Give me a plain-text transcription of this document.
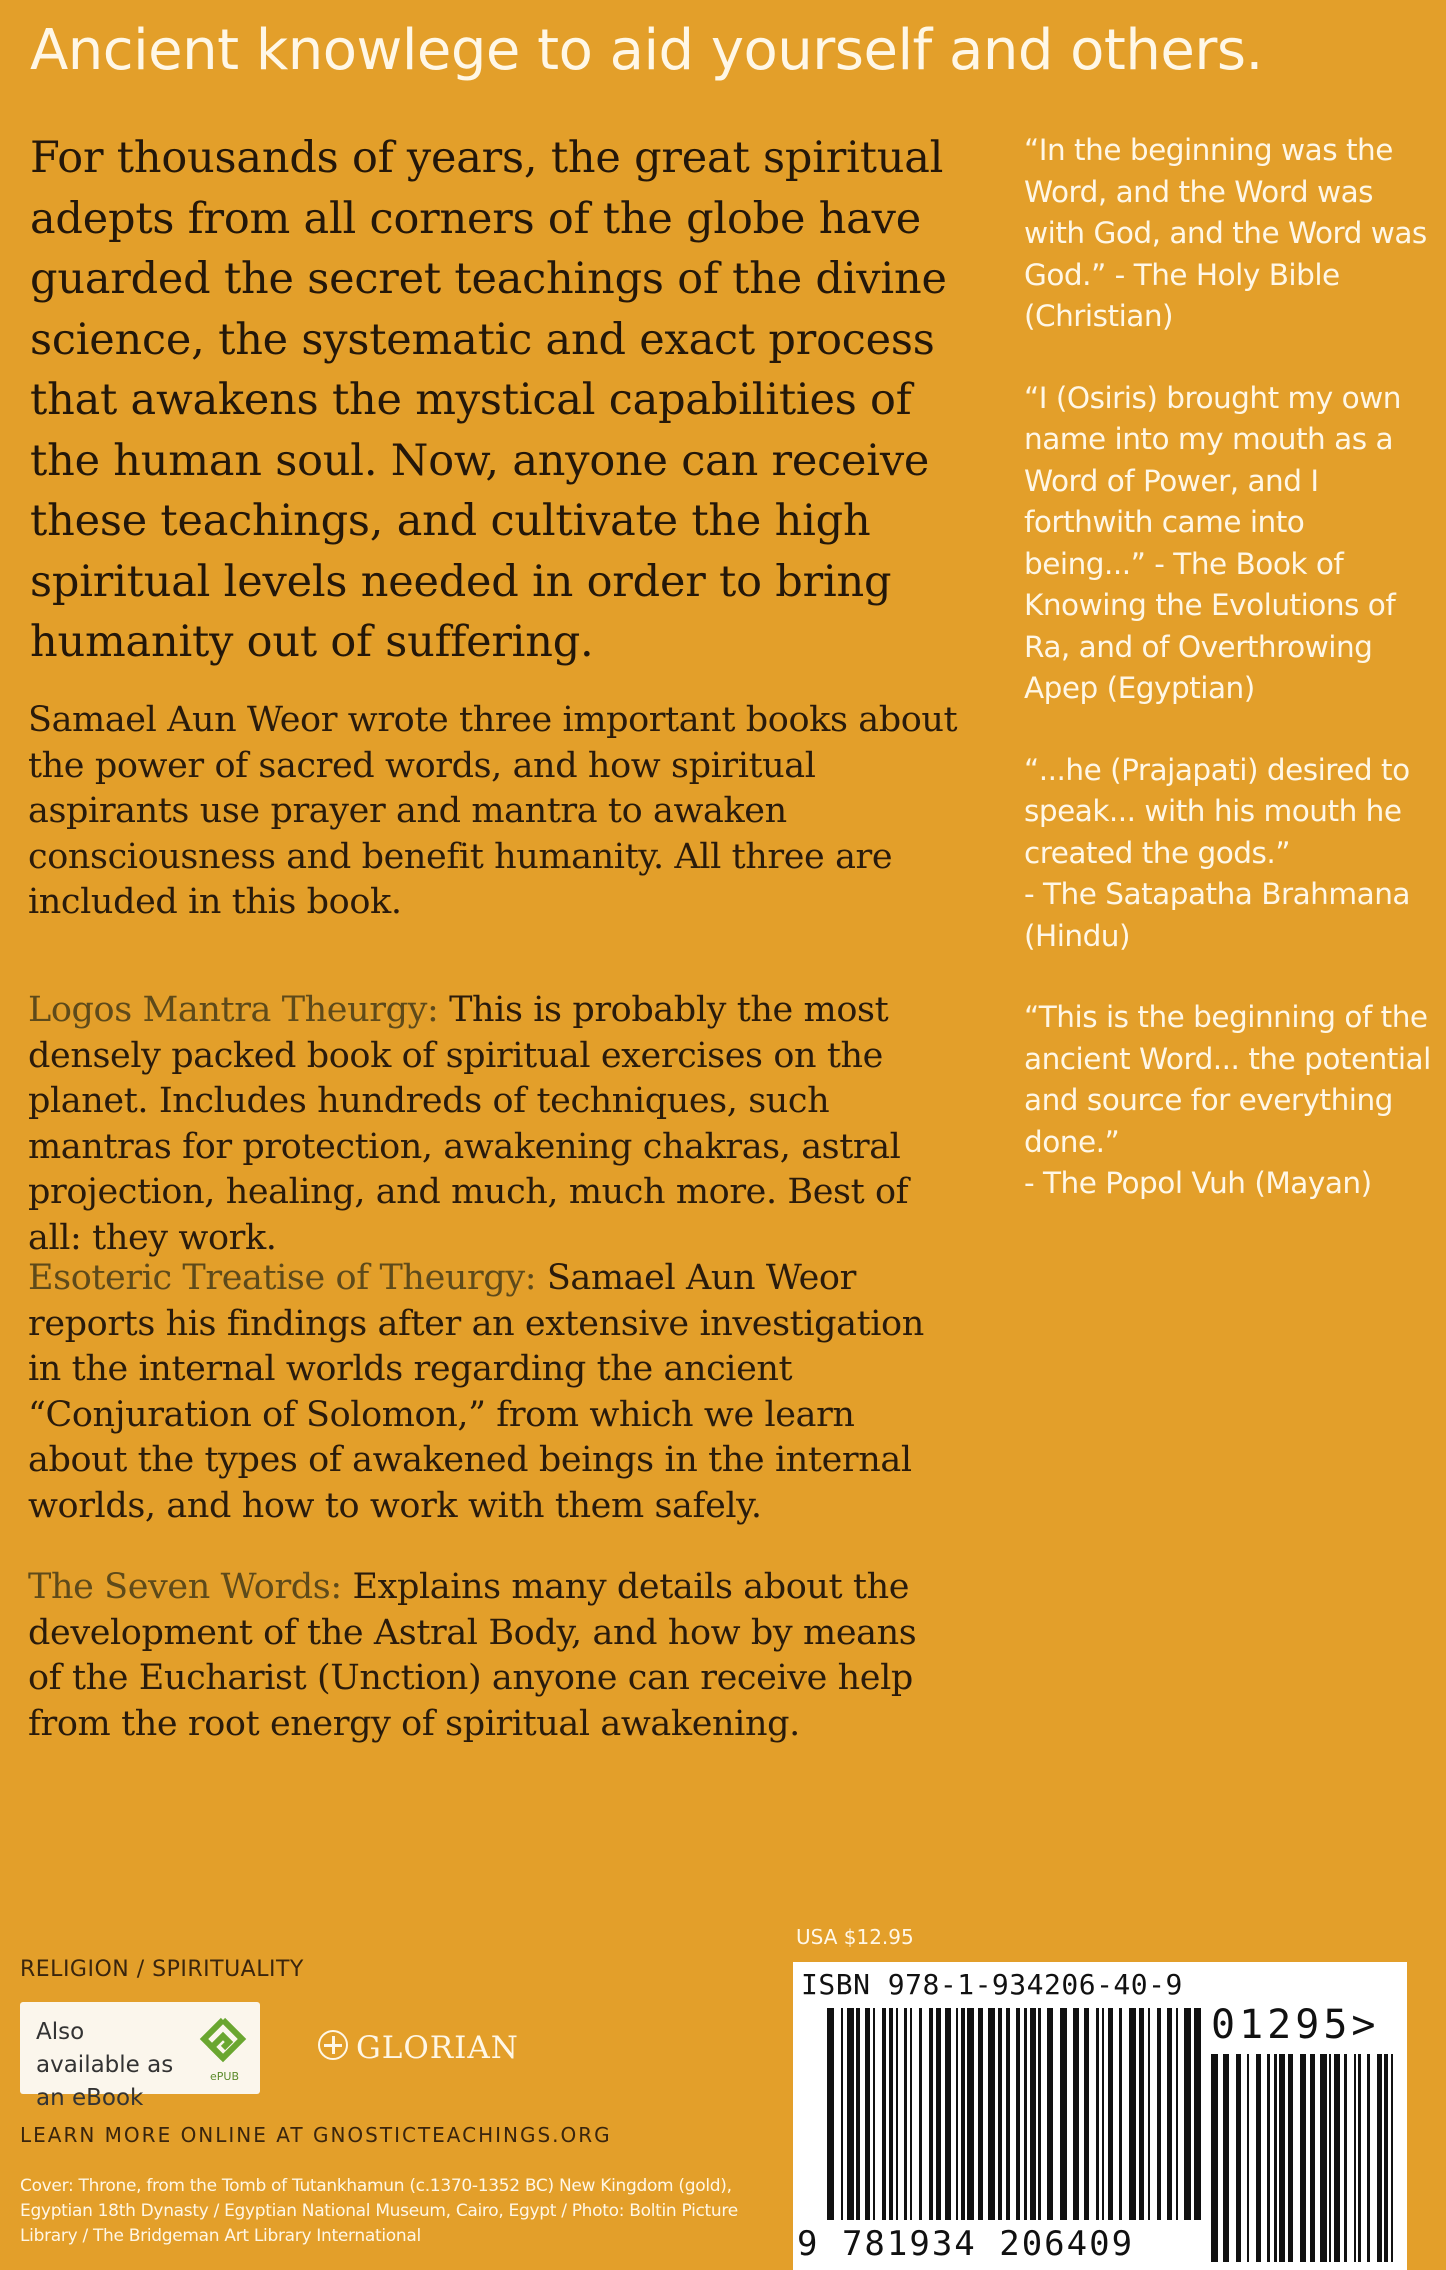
Ancient knowlege to aid yourself and others.
For thousands of years, the great spiritual adepts from all corners of the globe have guarded the secret teachings of the divine science, the systematic and exact process that awakens the mystical capabilities of the human soul. Now, anyone can receive these teachings, and cultivate the high spiritual levels needed in order to bring humanity out of suffering.
Samael Aun Weor wrote three important books about the power of sacred words, and how spiritual aspirants use prayer and mantra to awaken consciousness and benefit humanity. All three are included in this book.
Logos Mantra Theurgy: This is probably the most densely packed book of spiritual exercises on the planet. Includes hundreds of techniques, such mantras for protection, awakening chakras, astral projection, healing, and much, much more. Best of all: they work.
Esoteric Treatise of Theurgy: Samael Aun Weor reports his findings after an extensive investigation in the internal worlds regarding the ancient “Conjuration of Solomon,” from which we learn about the types of awakened beings in the internal worlds, and how to work with them safely.
The Seven Words: Explains many details about the development of the Astral Body, and how by means of the Eucharist (Unction) anyone can receive help from the root energy of spiritual awakening.
“In the beginning was the Word, and the Word was with God, and the Word was God.” - The Holy Bible (Christian)
“I (Osiris) brought my own name into my mouth as a Word of Power, and I forthwith came into being...” - The Book of Knowing the Evolutions of Ra, and of Overthrowing Apep (Egyptian)
“...he (Prajapati) desired to speak... with his mouth he created the gods.”
- The Satapatha Brahmana (Hindu)
“This is the beginning of the ancient Word... the potential and source for everything done.”
- The Popol Vuh (Mayan)
RELIGION / SPIRITUALITY
Also available as an eBook
ePUB
GLORIAN
LEARN MORE ONLINE AT GNOSTICTEACHINGS.ORG
Cover: Throne, from the Tomb of Tutankhamun (c.1370-1352 BC) New Kingdom (gold), Egyptian 18th Dynasty / Egyptian National Museum, Cairo, Egypt / Photo: Boltin Picture Library / The Bridgeman Art Library International
USA $12.95
ISBN 978-1-934206-40-9
01295>
9 781934 206409
